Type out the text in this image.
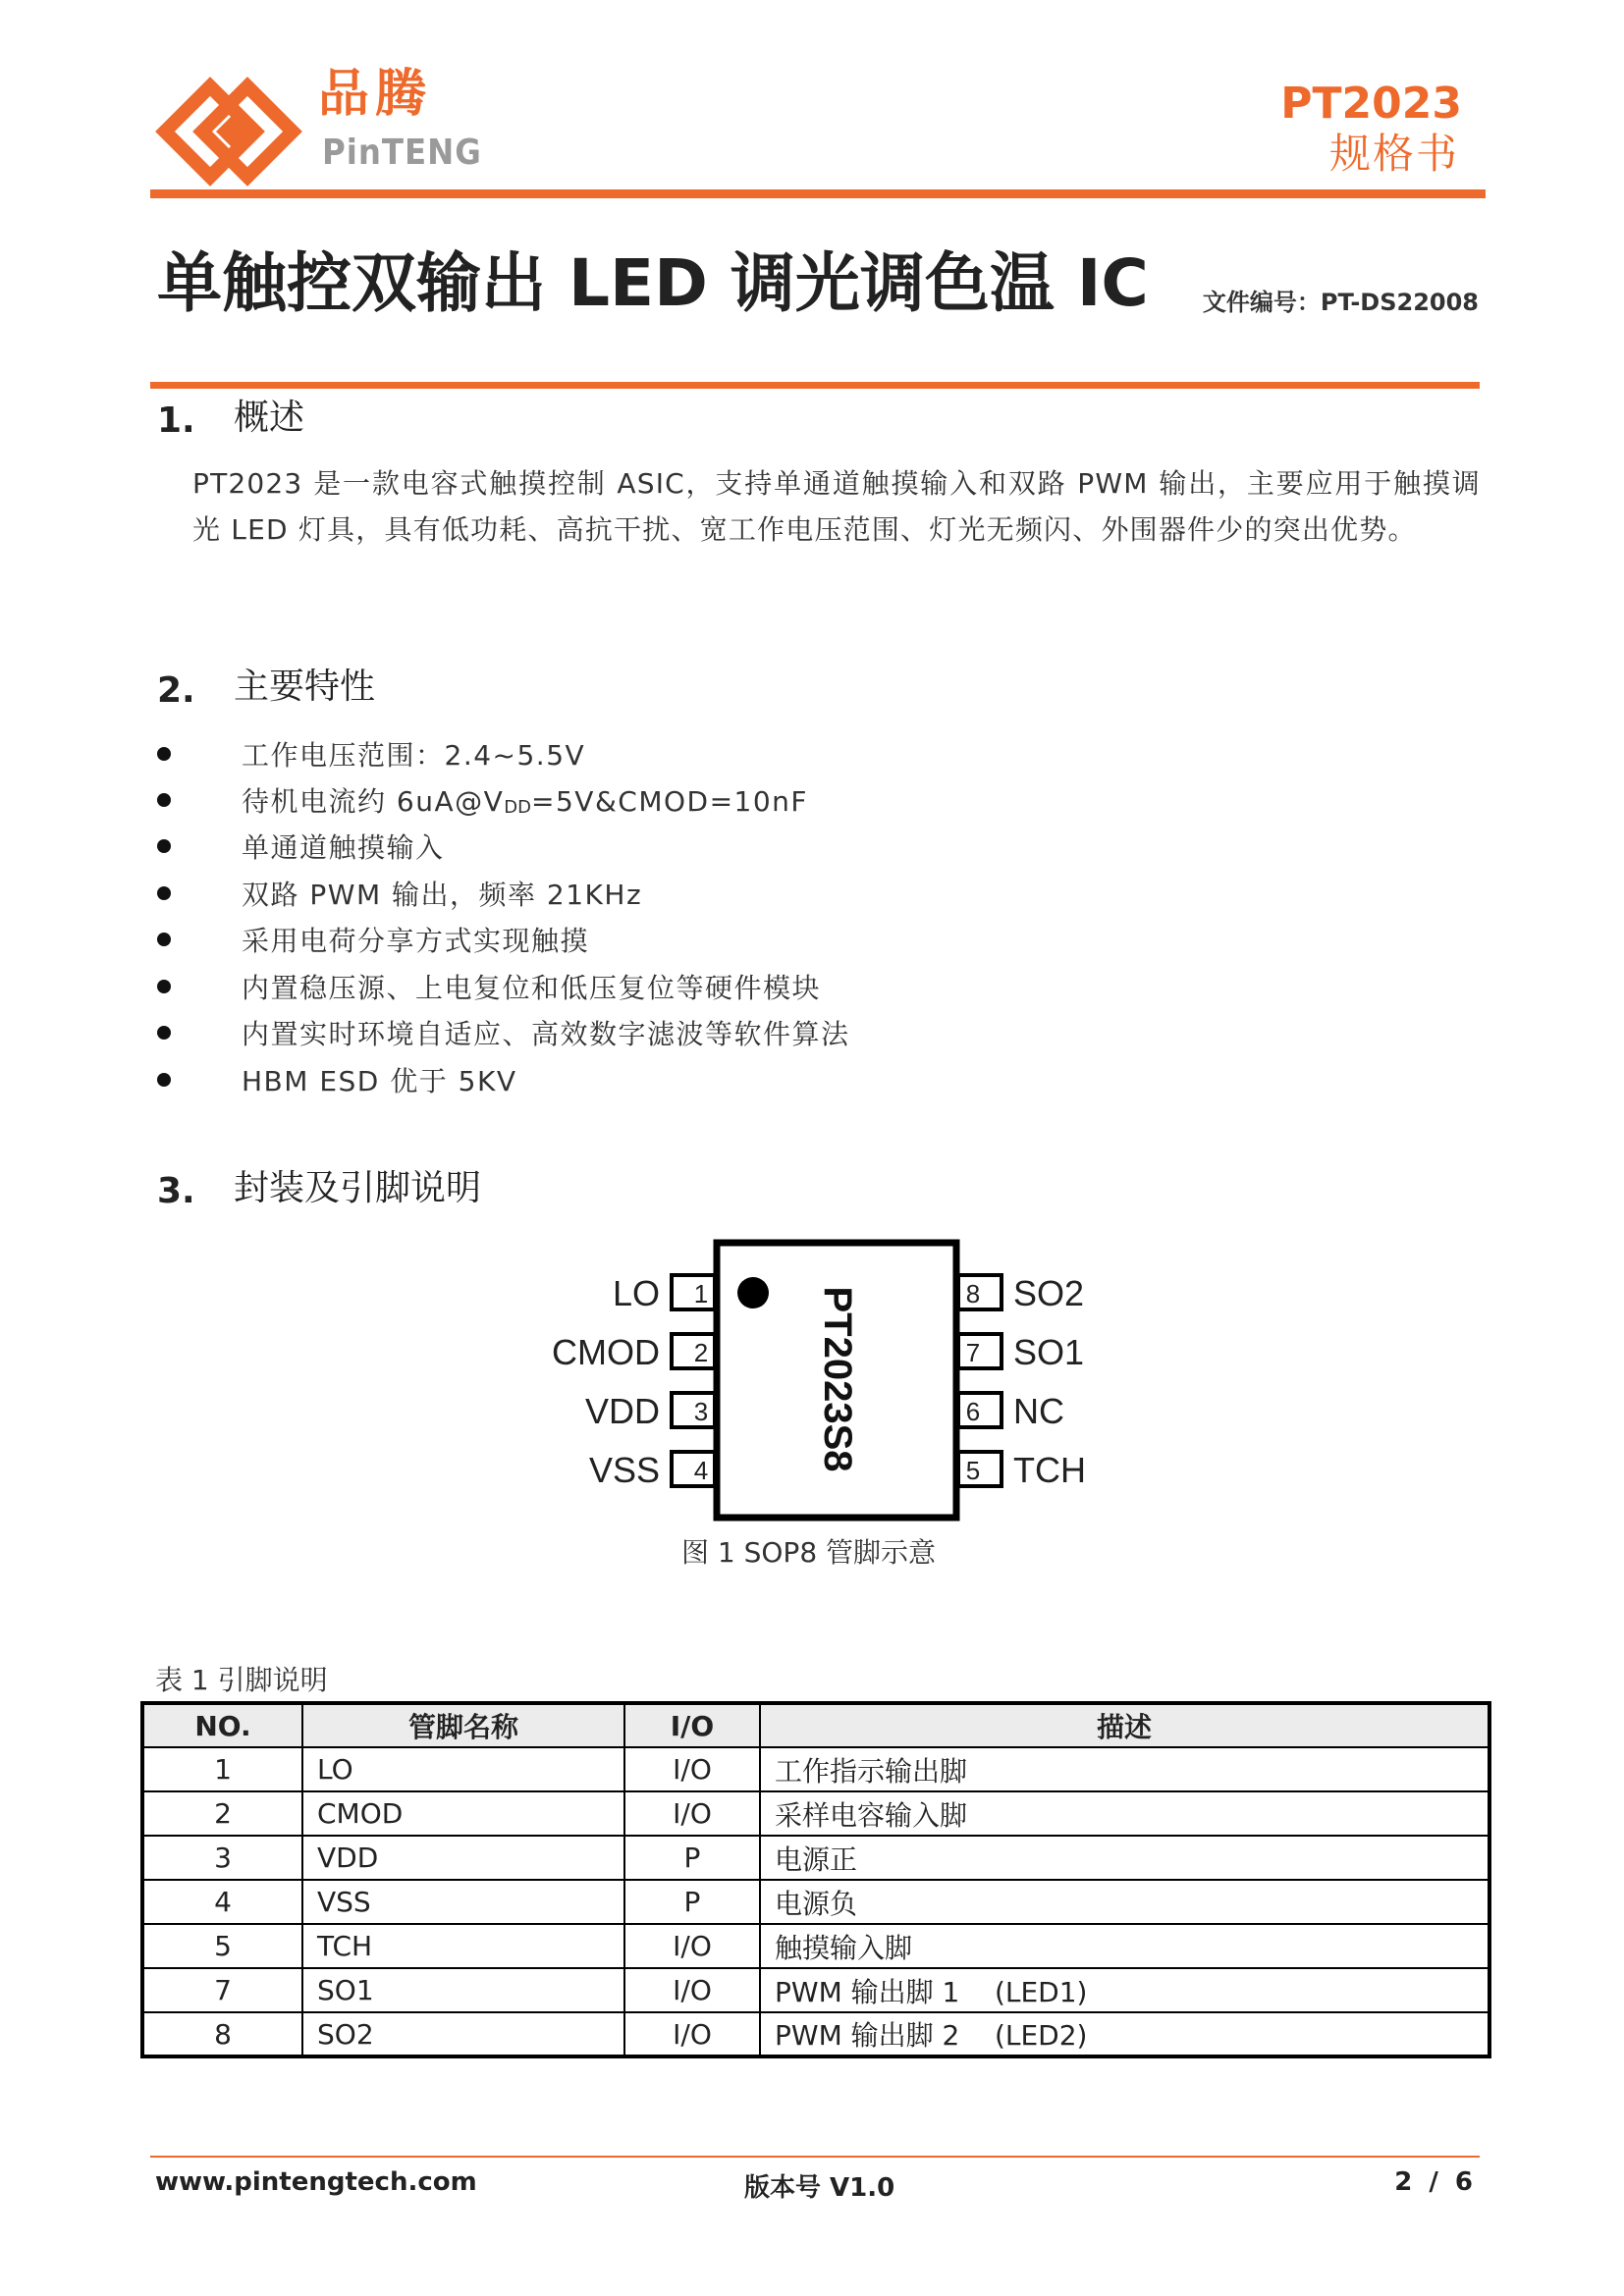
品腾
PinTENG
PT2023
规格书
单触控双输出 LED 调光调色温 IC 文件编号：PT-DS22008
1. 概述
PT2023 是一款电容式触摸控制 ASIC，支持单通道触摸输入和双路 PWM 输出，主要应用于触摸调光 LED 灯具，具有低功耗、高抗干扰、宽工作电压范围、灯光无频闪、外围器件少的突出优势。
2. 主要特性
工作电压范围：2.4~5.5V
待机电流约 $6uA@V_{DD}=5V\&CMOD=10nF$
单通道触摸输入
双路 PWM 输出，频率 21KHz
采用电荷分享方式实现触摸
内置稳压源、上电复位和低压复位等硬件模块
内置实时环境自适应、高效数字滤波等软件算法
HBM ESD 优于 5KV
3. 封装及引脚说明
PT2023S8
1
LO
2
CMOD
3
VDD
4
VSS
8 SO2
7 SO1
6 NC
5 TCH
图 1 SOP8 管脚示意
表 1 引脚说明
NO.	管脚名称	I/O	描述
1	LO	I/O	工作指示输出脚
2	CMOD	I/O	采样电容输入脚
3	VDD	P	电源正
4	VSS	P	电源负
5	TCH	I/O	触摸输入脚
7	SO1	I/O	PWM 输出脚 1    (LED1)
8	SO2	I/O	PWM 输出脚 2    (LED2)
www.pintengtech.com	版本号 V1.0	2 / 6
